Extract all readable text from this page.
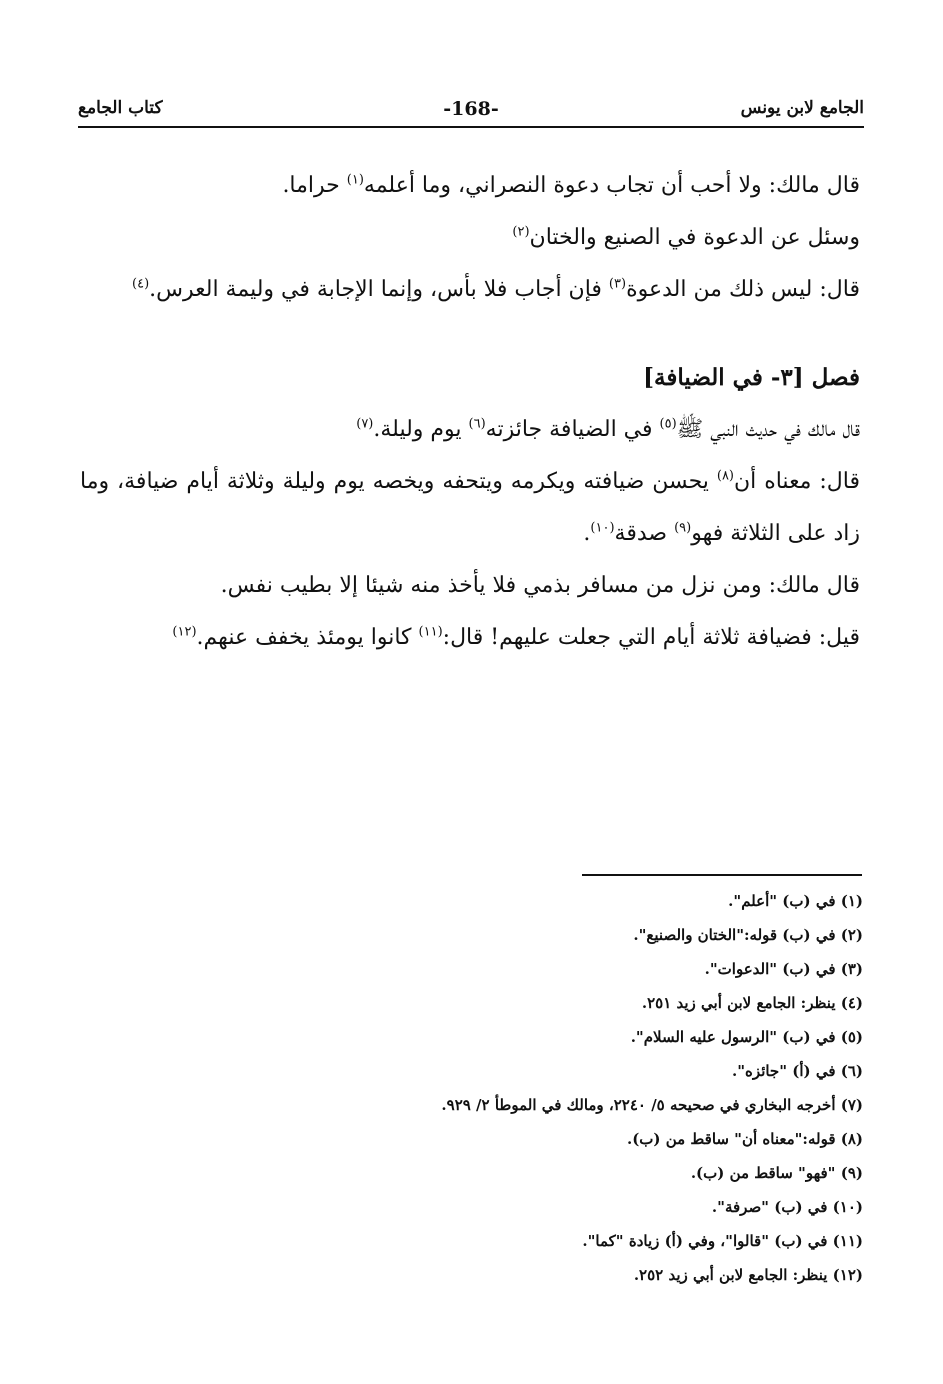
الجامع لابن يونس
-168-
كتاب الجامع

قال مالك: ولا أحب أن تجاب دعوة النصراني، وما أعلمه$^{(١)}$ حراما.

وسئل عن الدعوة في الصنيع والختان$^{(٢)}$

قال: ليس ذلك من الدعوة$^{(٣)}$ فإن أجاب فلا بأس، وإنما الإجابة في وليمة العرس.$^{(٤)}$

فصل [٣- في الضيافة]

قال مالك في حديث النبي ﷺ$^{(٥)}$ في الضيافة جائزته$^{(٦)}$ يوم وليلة.$^{(٧)}$

قال: معناه أن$^{(٨)}$ يحسن ضيافته ويكرمه ويتحفه ويخصه يوم وليلة وثلاثة أيام ضيافة، وما زاد على الثلاثة فهو$^{(٩)}$ صدقة$^{(١٠)}$.

قال مالك: ومن نزل من مسافر بذمي فلا يأخذ منه شيئا إلا بطيب نفس.

قيل: فضيافة ثلاثة أيام التي جعلت عليهم! قال:$^{(١١)}$ كانوا يومئذ يخفف عنهم.$^{(١٢)}$

(١) في (ب) "أعلم".
(٢) في (ب) قوله:"الختان والصنيع".
(٣) في (ب) "الدعوات".
(٤) ينظر: الجامع لابن أبي زيد ٢٥١.
(٥) في (ب) "الرسول عليه السلام".
(٦) في (أ) "جائزه".
(٧) أخرجه البخاري في صحيحه ٥/ ٢٢٤٠، ومالك في الموطأ ٢/ ٩٢٩.
(٨) قوله:"معناه أن" ساقط من (ب).
(٩) "فهو" ساقط من (ب).
(١٠) في (ب) "صرفة".
(١١) في (ب) "قالوا"، وفي (أ) زيادة "كما".
(١٢) ينظر: الجامع لابن أبي زيد ٢٥٢.
